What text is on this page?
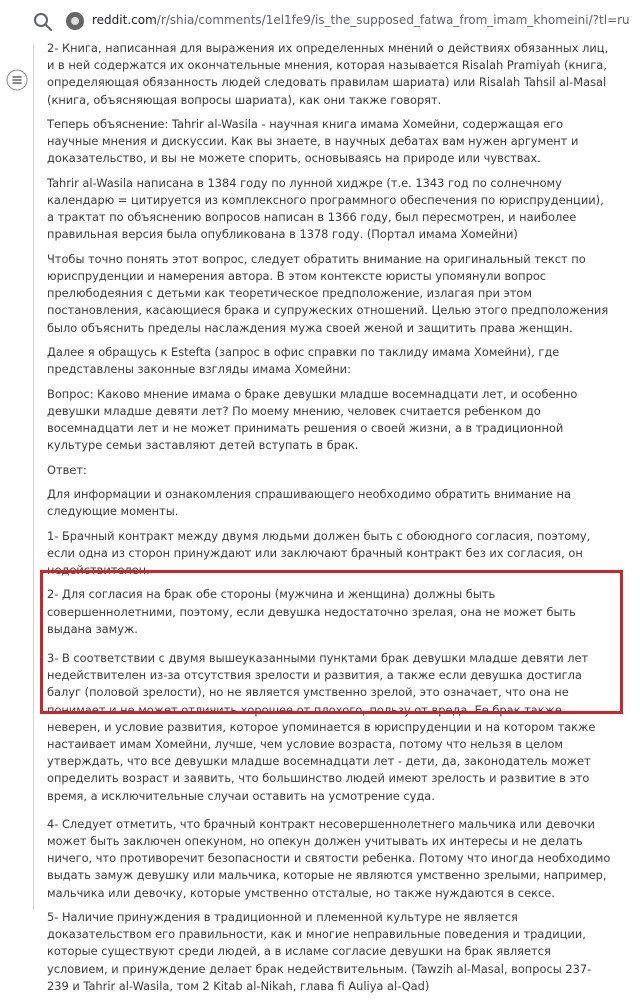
reddit.com/r/shia/comments/1el1fe9/is_the_supposed_fatwa_from_imam_khomeini/?tl=ru

2- Книга, написанная для выражения их определенных мнений о действиях обязанных лиц, и в ней содержатся их окончательные мнения, которая называется Risalah Pramiyah (книга, определяющая обязанность людей следовать правилам шариата) или Risalah Tahsil al-Masal (книга, объясняющая вопросы шариата), как они также говорят.

Теперь объяснение: Tahrir al-Wasila - научная книга имама Хомейни, содержащая его научные мнения и дискуссии. Как вы знаете, в научных дебатах вам нужен аргумент и доказательство, и вы не можете спорить, основываясь на природе или чувствах.

Tahrir al-Wasila написана в 1384 году по лунной хиджре (т.е. 1343 год по солнечному календарю = цитируется из комплексного программного обеспечения по юриспруденции), а трактат по объяснению вопросов написан в 1366 году, был пересмотрен, и наиболее правильная версия была опубликована в 1378 году. (Портал имама Хомейни)

Чтобы точно понять этот вопрос, следует обратить внимание на оригинальный текст по юриспруденции и намерения автора. В этом контексте юристы упомянули вопрос прелюбодеяния с детьми как теоретическое предположение, излагая при этом постановления, касающиеся брака и супружеских отношений. Целью этого предположения было объяснить пределы наслаждения мужа своей женой и защитить права женщин.

Далее я обращусь к Estefta (запрос в офис справки по таклиду имама Хомейни), где представлены законные взгляды имама Хомейни:

Вопрос: Каково мнение имама о браке девушки младше восемнадцати лет, и особенно девушки младше девяти лет? По моему мнению, человек считается ребенком до восемнадцати лет и не может принимать решения о своей жизни, а в традиционной культуре семьи заставляют детей вступать в брак.

Ответ:

Для информации и ознакомления спрашивающего необходимо обратить внимание на следующие моменты.

1- Брачный контракт между двумя людьми должен быть с обоюдного согласия, поэтому, если одна из сторон принуждают или заключают брачный контракт без их согласия, он недействителен.

2- Для согласия на брак обе стороны (мужчина и женщина) должны быть совершеннолетними, поэтому, если девушка недостаточно зрелая, она не может быть выдана замуж.

3- В соответствии с двумя вышеуказанными пунктами брак девушки младше девяти лет недействителен из-за отсутствия зрелости и развития, а также если девушка достигла балуг (половой зрелости), но не является умственно зрелой, это означает, что она не понимает и не может отличить хорошее от плохого, пользу от вреда. Ее брак также неверен, и условие развития, которое упоминается в юриспруденции и на котором также настаивает имам Хомейни, лучше, чем условие возраста, потому что нельзя в целом утверждать, что все девушки младше восемнадцати лет - дети, да, законодатель может определить возраст и заявить, что большинство людей имеют зрелость и развитие в это время, а исключительные случаи оставить на усмотрение суда.

4- Следует отметить, что брачный контракт несовершеннолетнего мальчика или девочки может быть заключен опекуном, но опекун должен учитывать их интересы и не делать ничего, что противоречит безопасности и святости ребенка. Потому что иногда необходимо выдать замуж девушку или мальчика, которые не являются умственно зрелыми, например, мальчика или девочку, которые умственно отсталые, но также нуждаются в сексе.

5- Наличие принуждения в традиционной и племенной культуре не является доказательством его правильности, как и многие неправильные поведения и традиции, которые существуют среди людей, а в исламе согласие девушки на брак является условием, и принуждение делает брак недействительным. (Tawzih al-Masal, вопросы 237-239 и Tahrir al-Wasila, том 2 Kitab al-Nikah, глава fi Auliya al-Qad)
